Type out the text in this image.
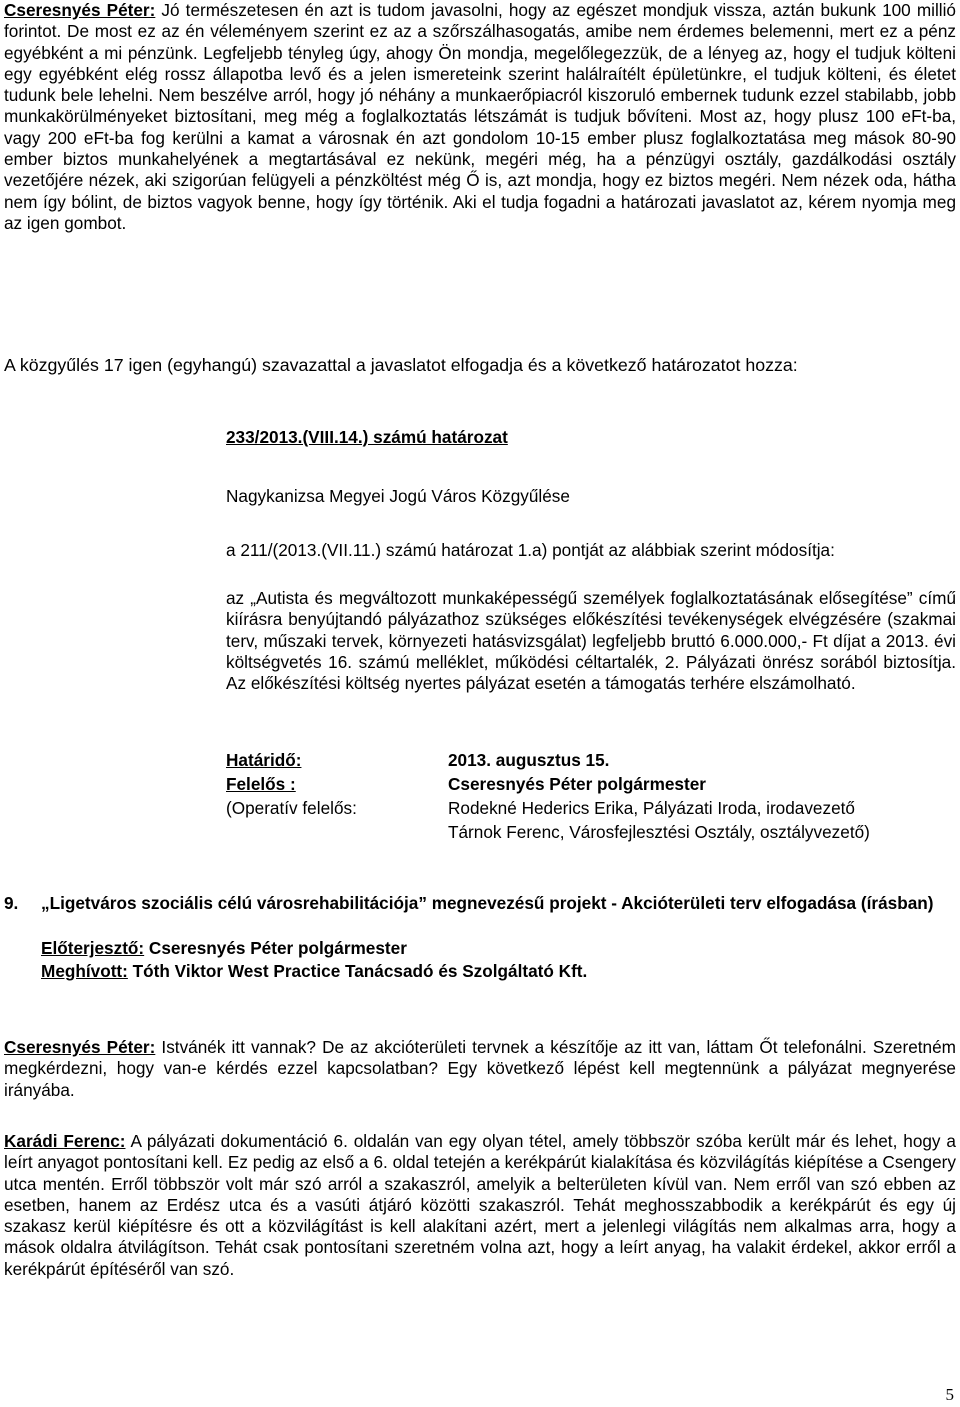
Cseresnyés Péter: Jó természetesen én azt is tudom javasolni, hogy az egészet mondjuk vissza, aztán bukunk 100 millió forintot. De most ez az én véleményem szerint ez az a szőrszálhasogatás, amibe nem érdemes belemenni, mert ez a pénz egyébként a mi pénzünk. Legfeljebb tényleg úgy, ahogy Ön mondja, megelőlegezzük, de a lényeg az, hogy el tudjuk költeni egy egyébként elég rossz állapotba levő és a jelen ismereteink szerint halálraítélt épületünkre, el tudjuk költeni, és életet tudunk bele lehelni. Nem beszélve arról, hogy jó néhány a munkaerőpiacról kiszoruló embernek tudunk ezzel stabilabb, jobb munkakörülményeket biztosítani, meg még a foglalkoztatás létszámát is tudjuk bővíteni. Most az, hogy plusz 100 eFt-ba, vagy 200 eFt-ba fog kerülni a kamat a városnak én azt gondolom 10-15 ember plusz foglalkoztatása meg mások 80-90 ember biztos munkahelyének a megtartásával ez nekünk, megéri még, ha a pénzügyi osztály, gazdálkodási osztály vezetőjére nézek, aki szigorúan felügyeli a pénzköltést még Ő is, azt mondja, hogy ez biztos megéri. Nem nézek oda, hátha nem így bólint, de biztos vagyok benne, hogy így történik. Aki el tudja fogadni a határozati javaslatot az, kérem nyomja meg az igen gombot.

A közgyűlés 17 igen (egyhangú) szavazattal a javaslatot elfogadja és a következő határozatot hozza:

233/2013.(VIII.14.) számú határozat

Nagykanizsa Megyei Jogú Város Közgyűlése

a 211/(2013.(VII.11.) számú határozat 1.a) pontját az alábbiak szerint módosítja:

az „Autista és megváltozott munkaképességű személyek foglalkoztatásának elősegítése” című kiírásra benyújtandó pályázathoz szükséges előkészítési tevékenységek elvégzésére (szakmai terv, műszaki tervek, környezeti hatásvizsgálat) legfeljebb bruttó 6.000.000,- Ft díjat a 2013. évi költségvetés 16. számú melléklet, működési céltartalék, 2. Pályázati önrész sorából biztosítja. Az előkészítési költség nyertes pályázat esetén a támogatás terhére elszámolható.

Határidő:	2013. augusztus 15.
Felelős :	Cseresnyés Péter polgármester
(Operatív felelős:	Rodekné Hederics Erika, Pályázati Iroda, irodavezető
Tárnok Ferenc, Városfejlesztési Osztály, osztályvezető)
9. „Ligetváros szociális célú városrehabilitációja” megnevezésű projekt - Akcióterületi terv elfogadása (írásban)

Előterjesztő: Cseresnyés Péter polgármester
Meghívott: Tóth Viktor West Practice Tanácsadó és Szolgáltató Kft.

Cseresnyés Péter: Istvánék itt vannak? De az akcióterületi tervnek a készítője az itt van, láttam Őt telefonálni. Szeretném megkérdezni, hogy van-e kérdés ezzel kapcsolatban? Egy következő lépést kell megtennünk a pályázat megnyerése irányába.

Karádi Ferenc: A pályázati dokumentáció 6. oldalán van egy olyan tétel, amely többször szóba került már és lehet, hogy a leírt anyagot pontosítani kell. Ez pedig az első a 6. oldal tetején a kerékpárút kialakítása és közvilágítás kiépítése a Csengery utca mentén. Erről többször volt már szó arról a szakaszról, amelyik a belterületen kívül van. Nem erről van szó ebben az esetben, hanem az Erdész utca és a vasúti átjáró közötti szakaszról. Tehát meghosszabbodik a kerékpárút és egy új szakasz kerül kiépítésre és ott a közvilágítást is kell alakítani azért, mert a jelenlegi világítás nem alkalmas arra, hogy a mások oldalra átvilágítson. Tehát csak pontosítani szeretném volna azt, hogy a leírt anyag, ha valakit érdekel, akkor erről a kerékpárút építéséről van szó.

5
